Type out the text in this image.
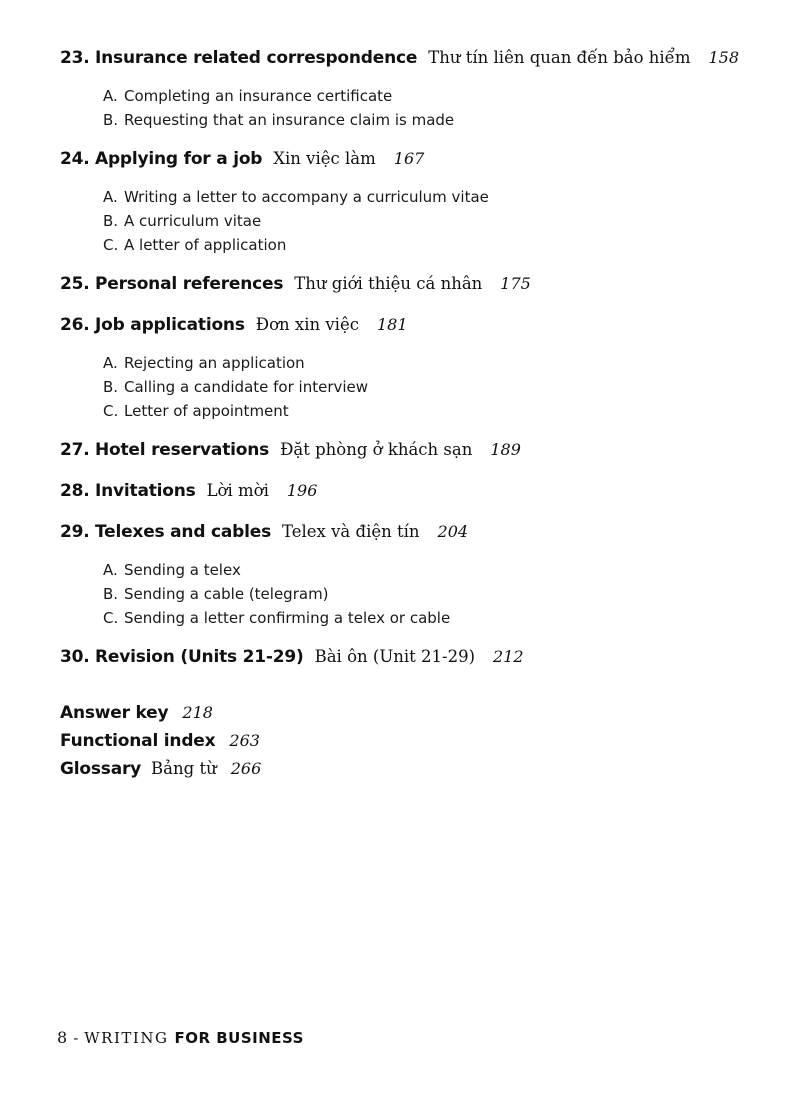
23. Insurance related correspondence Thư tín liên quan đến bảo hiểm 158
A. Completing an insurance certificate
B. Requesting that an insurance claim is made
24. Applying for a job Xin việc làm 167
A. Writing a letter to accompany a curriculum vitae
B. A curriculum vitae
C. A letter of application
25. Personal references Thư giới thiệu cá nhân 175
26. Job applications Đơn xin việc 181
A. Rejecting an application
B. Calling a candidate for interview
C. Letter of appointment
27. Hotel reservations Đặt phòng ở khách sạn 189
28. Invitations Lời mời 196
29. Telexes and cables Telex và điện tín 204
A. Sending a telex
B. Sending a cable (telegram)
C. Sending a letter confirming a telex or cable
30. Revision (Units 21-29) Bài ôn (Unit 21-29) 212
Answer key 218
Functional index 263
Glossary Bảng từ 266
8 - WRITING FOR BUSINESS
